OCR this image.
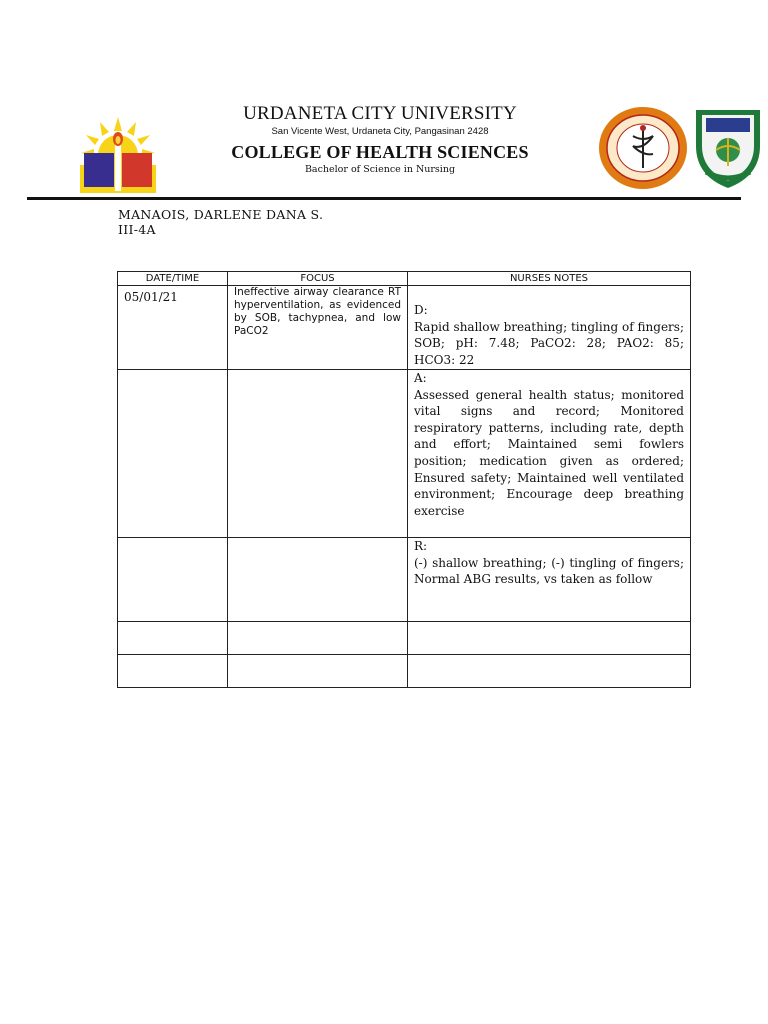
URDANETA CITY UNIVERSITY
San Vicente West, Urdaneta City, Pangasinan 2428
COLLEGE OF HEALTH SCIENCES
Bachelor of Science in Nursing
MANAOIS, DARLENE DANA S.
III-4A
DATE/TIME	FOCUS	NURSES NOTES
05/01/21	Ineffective airway clearance RT hyperventilation, as evidenced by SOB, tachypnea, and low PaCO2	D:
Rapid shallow breathing; tingling of fingers; SOB; pH: 7.48; PaCO2: 28; PAO2: 85; HCO3: 22

		A:
Assessed general health status; monitored vital signs and record; Monitored respiratory patterns, including rate, depth and effort; Maintained semi fowlers position; medication given as ordered; Ensured safety; Maintained well ventilated environment; Encourage deep breathing exercise

		R:
(-) shallow breathing; (-) tingling of fingers; Normal ABG results, vs taken as follow
